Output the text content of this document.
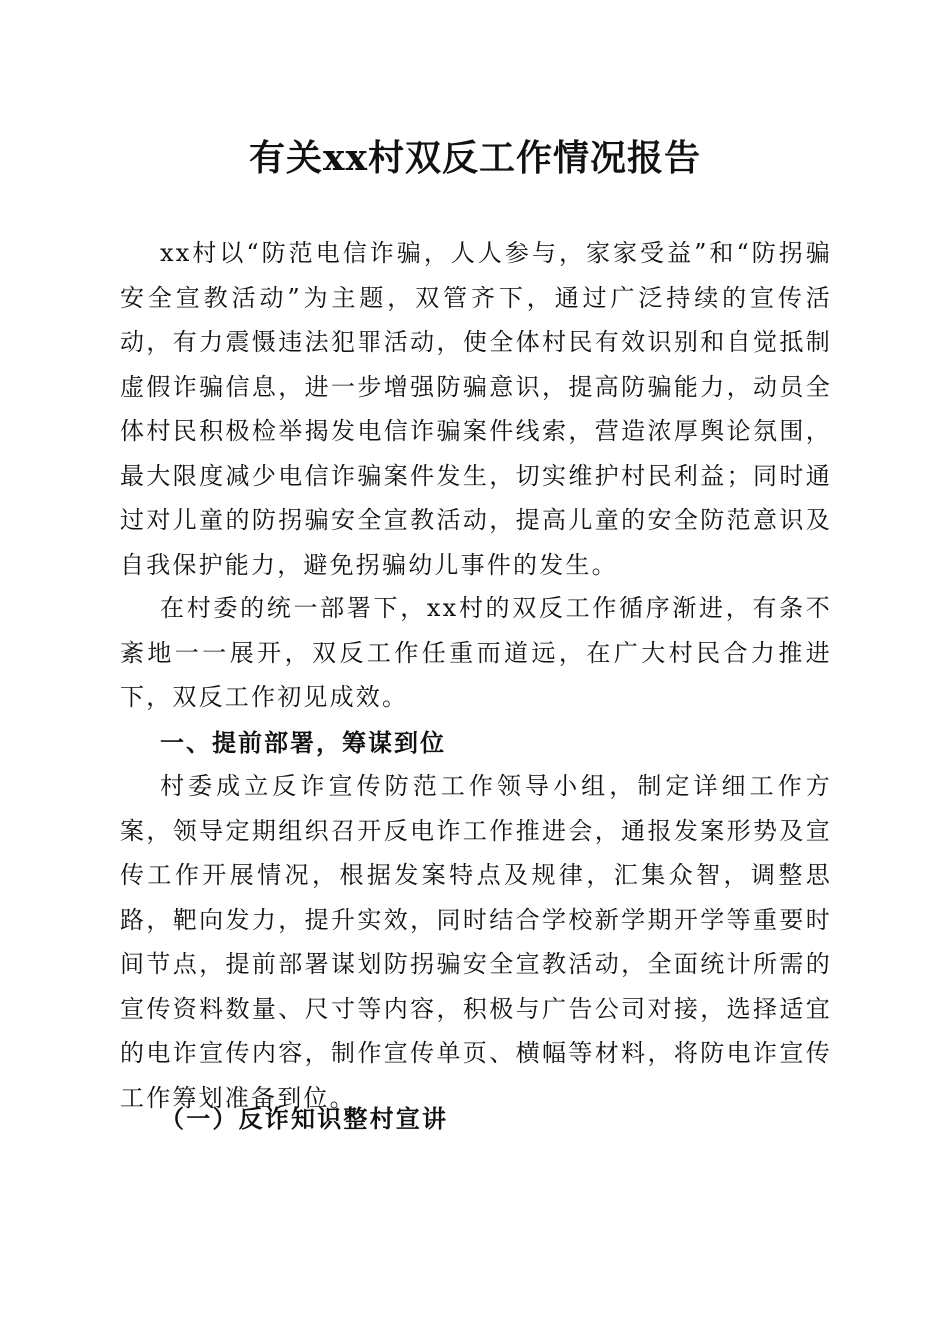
有关xx村双反工作情况报告

xx村以“防范电信诈骗，人人参与，家家受益”和“防拐骗安全宣教活动”为主题，双管齐下，通过广泛持续的宣传活动，有力震慑违法犯罪活动，使全体村民有效识别和自觉抵制虚假诈骗信息，进一步增强防骗意识，提高防骗能力，动员全体村民积极检举揭发电信诈骗案件线索，营造浓厚舆论氛围，最大限度减少电信诈骗案件发生，切实维护村民利益；同时通过对儿童的防拐骗安全宣教活动，提高儿童的安全防范意识及自我保护能力，避免拐骗幼儿事件的发生。

在村委的统一部署下，xx村的双反工作循序渐进，有条不紊地一一展开，双反工作任重而道远，在广大村民合力推进下，双反工作初见成效。

一、提前部署，筹谋到位

村委成立反诈宣传防范工作领导小组，制定详细工作方案，领导定期组织召开反电诈工作推进会，通报发案形势及宣传工作开展情况，根据发案特点及规律，汇集众智，调整思路，靶向发力，提升实效，同时结合学校新学期开学等重要时间节点，提前部署谋划防拐骗安全宣教活动，全面统计所需的宣传资料数量、尺寸等内容，积极与广告公司对接，选择适宜的电诈宣传内容，制作宣传单页、横幅等材料，将防电诈宣传工作筹划准备到位。

（一）反诈知识整村宣讲
